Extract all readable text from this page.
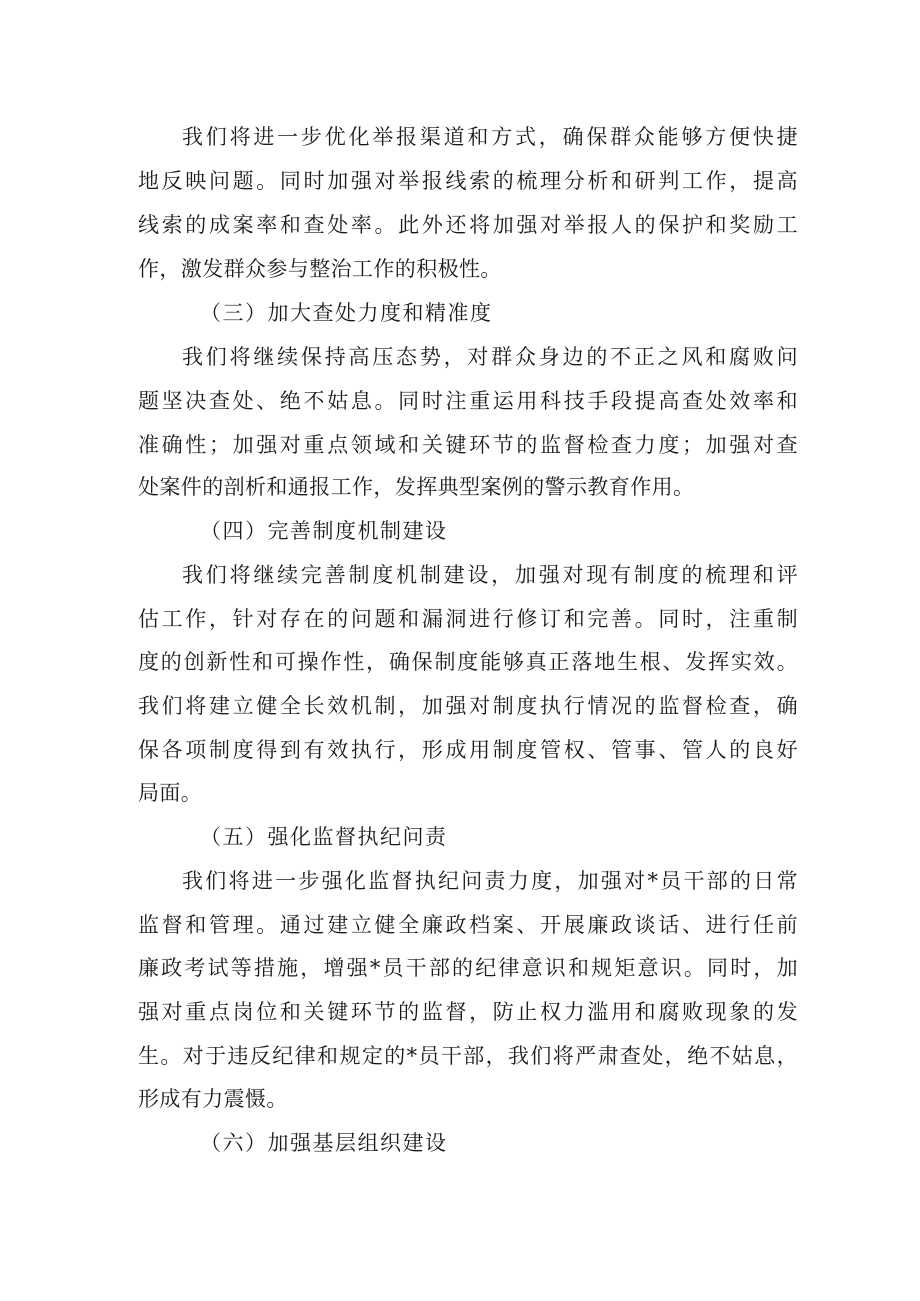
我们将进一步优化举报渠道和方式，确保群众能够方便快捷
地反映问题。同时加强对举报线索的梳理分析和研判工作，提高
线索的成案率和查处率。此外还将加强对举报人的保护和奖励工
作，激发群众参与整治工作的积极性。
（三）加大查处力度和精准度
我们将继续保持高压态势，对群众身边的不正之风和腐败问
题坚决查处、绝不姑息。同时注重运用科技手段提高查处效率和
准确性；加强对重点领域和关键环节的监督检查力度；加强对查
处案件的剖析和通报工作，发挥典型案例的警示教育作用。
（四）完善制度机制建设
我们将继续完善制度机制建设，加强对现有制度的梳理和评
估工作，针对存在的问题和漏洞进行修订和完善。同时，注重制
度的创新性和可操作性，确保制度能够真正落地生根、发挥实效。
我们将建立健全长效机制，加强对制度执行情况的监督检查，确
保各项制度得到有效执行，形成用制度管权、管事、管人的良好
局面。
（五）强化监督执纪问责
我们将进一步强化监督执纪问责力度，加强对*员干部的日常
监督和管理。通过建立健全廉政档案、开展廉政谈话、进行任前
廉政考试等措施，增强*员干部的纪律意识和规矩意识。同时，加
强对重点岗位和关键环节的监督，防止权力滥用和腐败现象的发
生。对于违反纪律和规定的*员干部，我们将严肃查处，绝不姑息，
形成有力震慑。
（六）加强基层组织建设
